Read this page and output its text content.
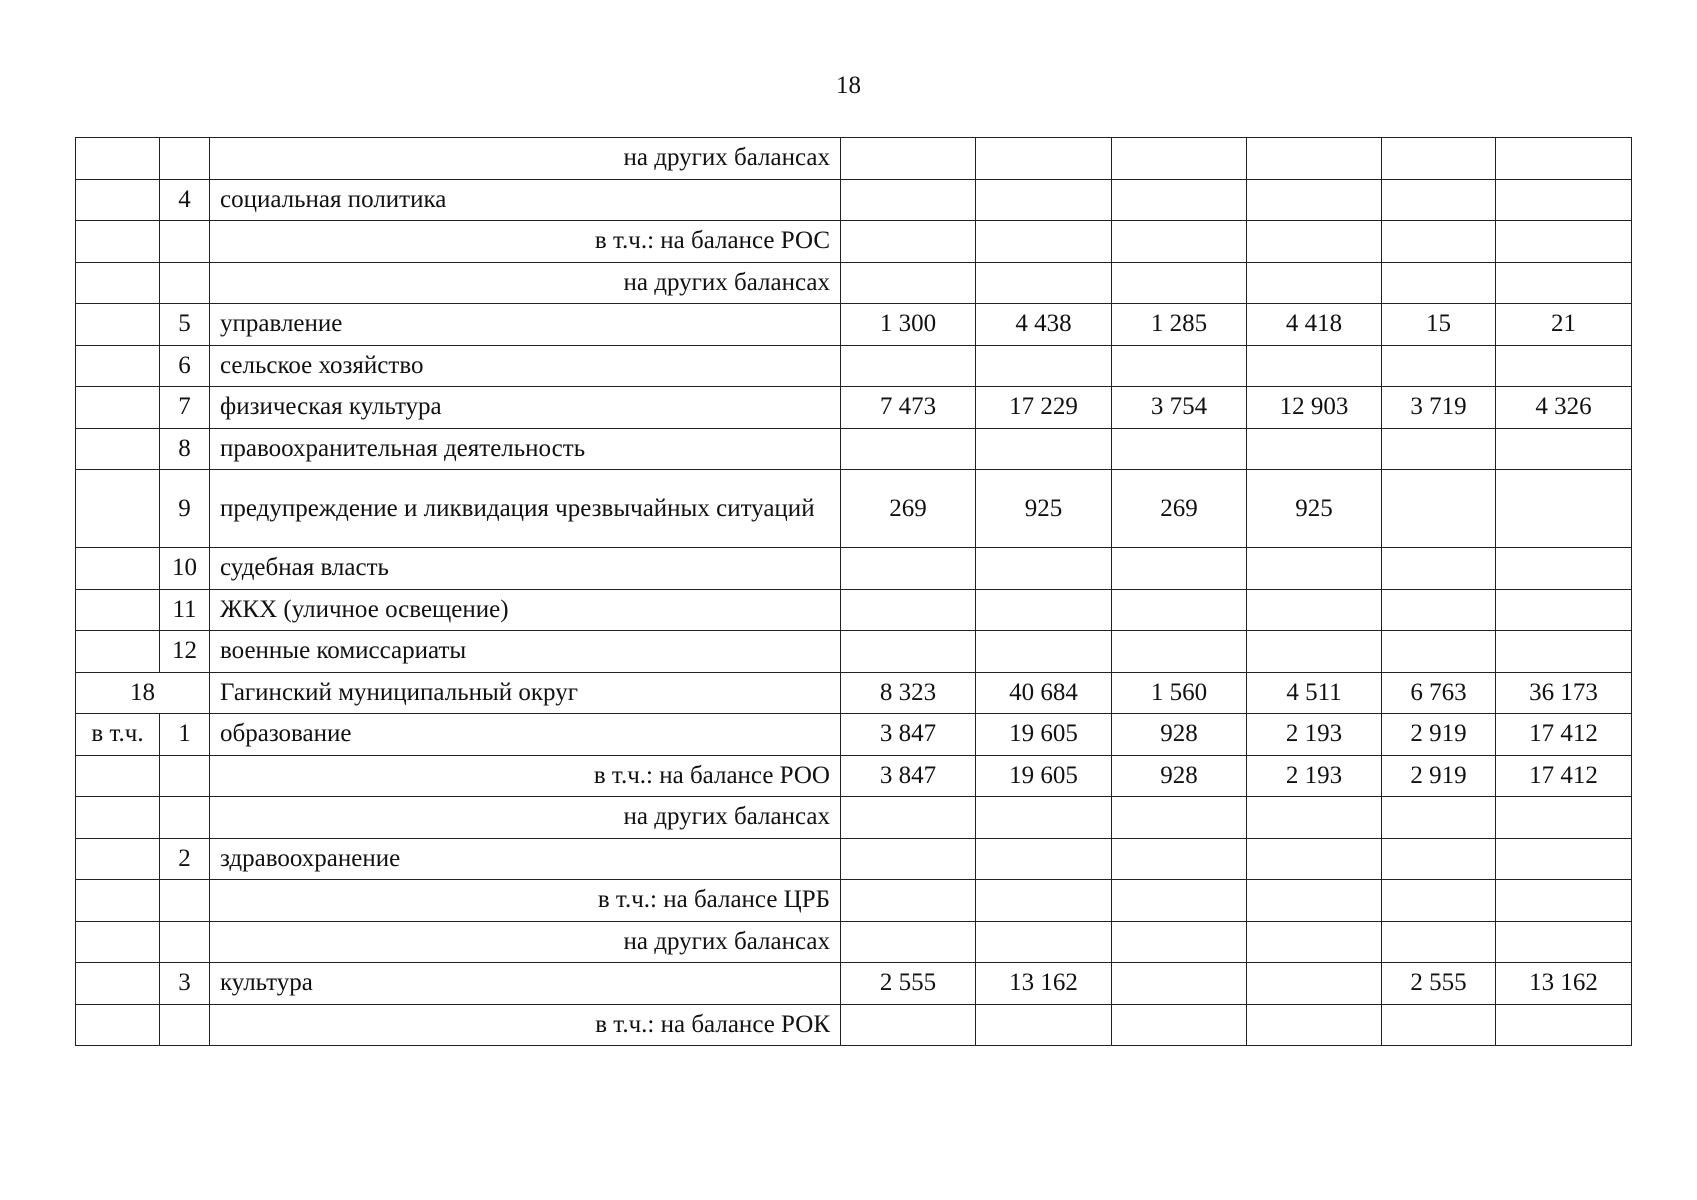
18
		на других балансах						
	4	социальная политика						
		в т.ч.: на балансе РОС						
		на других балансах						
	5	управление	1 300	4 438	1 285	4 418	15	21
	6	сельское хозяйство						
	7	физическая культура	7 473	17 229	3 754	12 903	3 719	4 326
	8	правоохранительная деятельность						
	9	предупреждение и ликвидация чрезвычайных ситуаций	269	925	269	925		
	10	судебная власть						
	11	ЖКХ (уличное освещение)						
	12	военные комиссариаты						
18		Гагинский муниципальный округ	8 323	40 684	1 560	4 511	6 763	36 173
в т.ч.	1	образование	3 847	19 605	928	2 193	2 919	17 412
		в т.ч.: на балансе РОО	3 847	19 605	928	2 193	2 919	17 412
		на других балансах						
	2	здравоохранение						
		в т.ч.: на балансе ЦРБ						
		на других балансах						
	3	культура	2 555	13 162			2 555	13 162
		в т.ч.: на балансе РОК						
